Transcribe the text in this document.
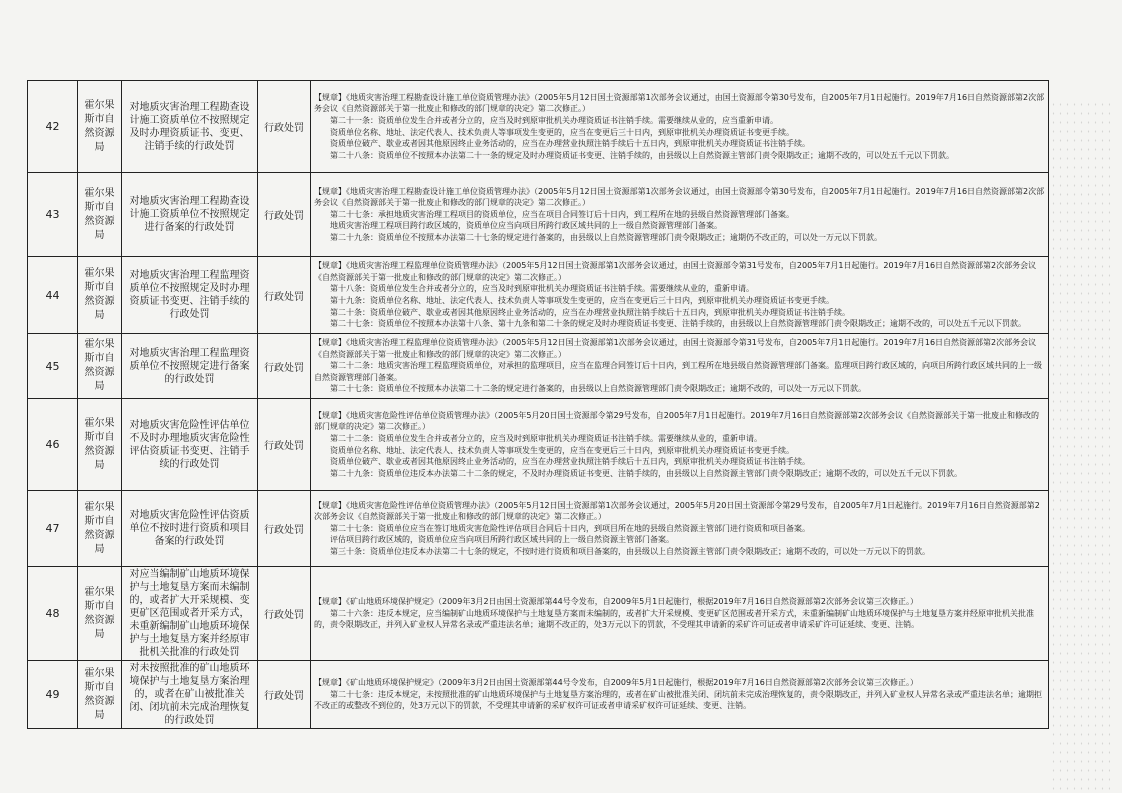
42	霍尔果斯市自然资源局	对地质灾害治理工程勘查设计施工资质单位不按照规定及时办理资质证书、变更、注销手续的行政处罚	行政处罚	【规章】《地质灾害治理工程勘查设计施工单位资质管理办法》（2005年5月12日国土资源部第1次部务会议通过，由国土资源部令第30号发布，自2005年7月1日起施行。2019年7月16日自然资源部第2次部务会议《自然资源部关于第一批废止和修改的部门规章的决定》第二次修正。）

第二十一条：资质单位发生合并或者分立的，应当及时到原审批机关办理资质证书注销手续。需要继续从业的，应当重新申请。

资质单位名称、地址、法定代表人、技术负责人等事项发生变更的，应当在变更后三十日内，到原审批机关办理资质证书变更手续。

资质单位破产、歇业或者因其他原因终止业务活动的，应当在办理营业执照注销手续后十五日内，到原审批机关办理资质证书注销手续。

第二十八条：资质单位不按照本办法第二十一条的规定及时办理资质证书变更、注销手续的，由县级以上自然资源主管部门责令限期改正；逾期不改的，可以处五千元以下罚款。

43	霍尔果斯市自然资源局	对地质灾害治理工程勘查设计施工资质单位不按照规定进行备案的行政处罚	行政处罚	【规章】《地质灾害治理工程勘查设计施工单位资质管理办法》（2005年5月12日国土资源部第1次部务会议通过，由国土资源部令第30号发布，自2005年7月1日起施行。2019年7月16日自然资源部第2次部务会议《自然资源部关于第一批废止和修改的部门规章的决定》第二次修正。）

第二十七条：承担地质灾害治理工程项目的资质单位，应当在项目合同签订后十日内，到工程所在地的县级自然资源管理部门备案。

地质灾害治理工程项目跨行政区域的，资质单位应当向项目所跨行政区域共同的上一级自然资源管理部门备案。

第二十九条：资质单位不按照本办法第二十七条的规定进行备案的，由县级以上自然资源管理部门责令限期改正；逾期仍不改正的，可以处一万元以下罚款。

44	霍尔果斯市自然资源局	对地质灾害治理工程监理资质单位不按照规定及时办理资质证书变更、注销手续的行政处罚	行政处罚	【规章】《地质灾害治理工程监理单位资质管理办法》（2005年5月12日国土资源部第1次部务会议通过，由国土资源部令第31号发布，自2005年7月1日起施行。2019年7月16日自然资源部第2次部务会议《自然资源部关于第一批废止和修改的部门规章的决定》第二次修正。）

第十八条：资质单位发生合并或者分立的，应当及时到原审批机关办理资质证书注销手续。需要继续从业的，重新申请。

第十九条：资质单位名称、地址、法定代表人、技术负责人等事项发生变更的，应当在变更后三十日内，到原审批机关办理资质证书变更手续。

第二十条：资质单位破产、歇业或者因其他原因终止业务活动的，应当在办理营业执照注销手续后十五日内，到原审批机关办理资质证书注销手续。

第二十七条：资质单位不按照本办法第十八条、第十九条和第二十条的规定及时办理资质证书变更、注销手续的，由县级以上自然资源管理部门责令限期改正；逾期不改的，可以处五千元以下罚款。

45	霍尔果斯市自然资源局	对地质灾害治理工程监理资质单位不按照规定进行备案的行政处罚	行政处罚	【规章】《地质灾害治理工程监理单位资质管理办法》（2005年5月12日国土资源部第1次部务会议通过，由国土资源部令第31号发布，自2005年7月1日起施行。2019年7月16日自然资源部第2次部务会议《自然资源部关于第一批废止和修改的部门规章的决定》第二次修正。）

第二十二条：地质灾害治理工程监理资质单位，对承担的监理项目，应当在监理合同签订后十日内，到工程所在地县级自然资源管理部门备案。监理项目跨行政区域的，向项目所跨行政区域共同的上一级自然资源管理部门备案。

第二十七条：资质单位不按照本办法第二十二条的规定进行备案的，由县级以上自然资源管理部门责令限期改正；逾期不改的，可以处一万元以下罚款。

46	霍尔果斯市自然资源局	对地质灾害危险性评估单位不及时办理地质灾害危险性评估资质证书变更、注销手续的行政处罚	行政处罚	【规章】《地质灾害危险性评估单位资质管理办法》（2005年5月20日国土资源部令第29号发布，自2005年7月1日起施行。2019年7月16日自然资源部第2次部务会议《自然资源部关于第一批废止和修改的部门规章的决定》第二次修正。）

第二十二条：资质单位发生合并或者分立的，应当及时到原审批机关办理资质证书注销手续。需要继续从业的，重新申请。

资质单位名称、地址、法定代表人、技术负责人等事项发生变更的，应当在变更后三十日内，到原审批机关办理资质证书变更手续。

资质单位破产、歇业或者因其他原因终止业务活动的，应当在办理营业执照注销手续后十五日内，到原审批机关办理资质证书注销手续。

第二十九条：资质单位违反本办法第二十二条的规定，不及时办理资质证书变更、注销手续的，由县级以上自然资源主管部门责令限期改正；逾期不改的，可以处五千元以下罚款。

47	霍尔果斯市自然资源局	对地质灾害危险性评估资质单位不按时进行资质和项目备案的行政处罚	行政处罚	【规章】《地质灾害危险性评估单位资质管理办法》（2005年5月12日国土资源部第1次部务会议通过，2005年5月20日国土资源部令第29号发布，自2005年7月1日起施行。2019年7月16日自然资源部第2次部务会议《自然资源部关于第一批废止和修改的部门规章的决定》第二次修正。）

第二十七条：资质单位应当在签订地质灾害危险性评估项目合同后十日内，到项目所在地的县级自然资源主管部门进行资质和项目备案。

评估项目跨行政区域的，资质单位应当向项目所跨行政区域共同的上一级自然资源主管部门备案。

第三十条：资质单位违反本办法第二十七条的规定，不按时进行资质和项目备案的，由县级以上自然资源主管部门责令限期改正；逾期不改的，可以处一万元以下的罚款。

48	霍尔果斯市自然资源局	对应当编制矿山地质环境保护与土地复垦方案而未编制的，或者扩大开采规模、变更矿区范围或者开采方式，未重新编制矿山地质环境保护与土地复垦方案并经原审批机关批准的行政处罚	行政处罚	【规章】《矿山地质环境保护规定》（2009年3月2日由国土资源部第44号令发布，自2009年5月1日起施行，根据2019年7月16日自然资源部第2次部务会议第三次修正。）

第二十六条：违反本规定，应当编制矿山地质环境保护与土地复垦方案而未编制的，或者扩大开采规模、变更矿区范围或者开采方式，未重新编制矿山地质环境保护与土地复垦方案并经原审批机关批准的，责令限期改正，并列入矿业权人异常名录或严重违法名单；逾期不改正的，处3万元以下的罚款，不受理其申请新的采矿许可证或者申请采矿许可证延续、变更、注销。

49	霍尔果斯市自然资源局	对未按照批准的矿山地质环境保护与土地复垦方案治理的，或者在矿山被批准关闭、闭坑前未完成治理恢复的行政处罚	行政处罚	【规章】《矿山地质环境保护规定》（2009年3月2日由国土资源部第44号令发布，自2009年5月1日起施行，根据2019年7月16日自然资源部第2次部务会议第三次修正。）

第二十七条：违反本规定，未按照批准的矿山地质环境保护与土地复垦方案治理的，或者在矿山被批准关闭、闭坑前未完成治理恢复的，责令限期改正，并列入矿业权人异常名录或严重违法名单；逾期拒不改正的或整改不到位的，处3万元以下的罚款，不受理其申请新的采矿权许可证或者申请采矿权许可证延续、变更、注销。
